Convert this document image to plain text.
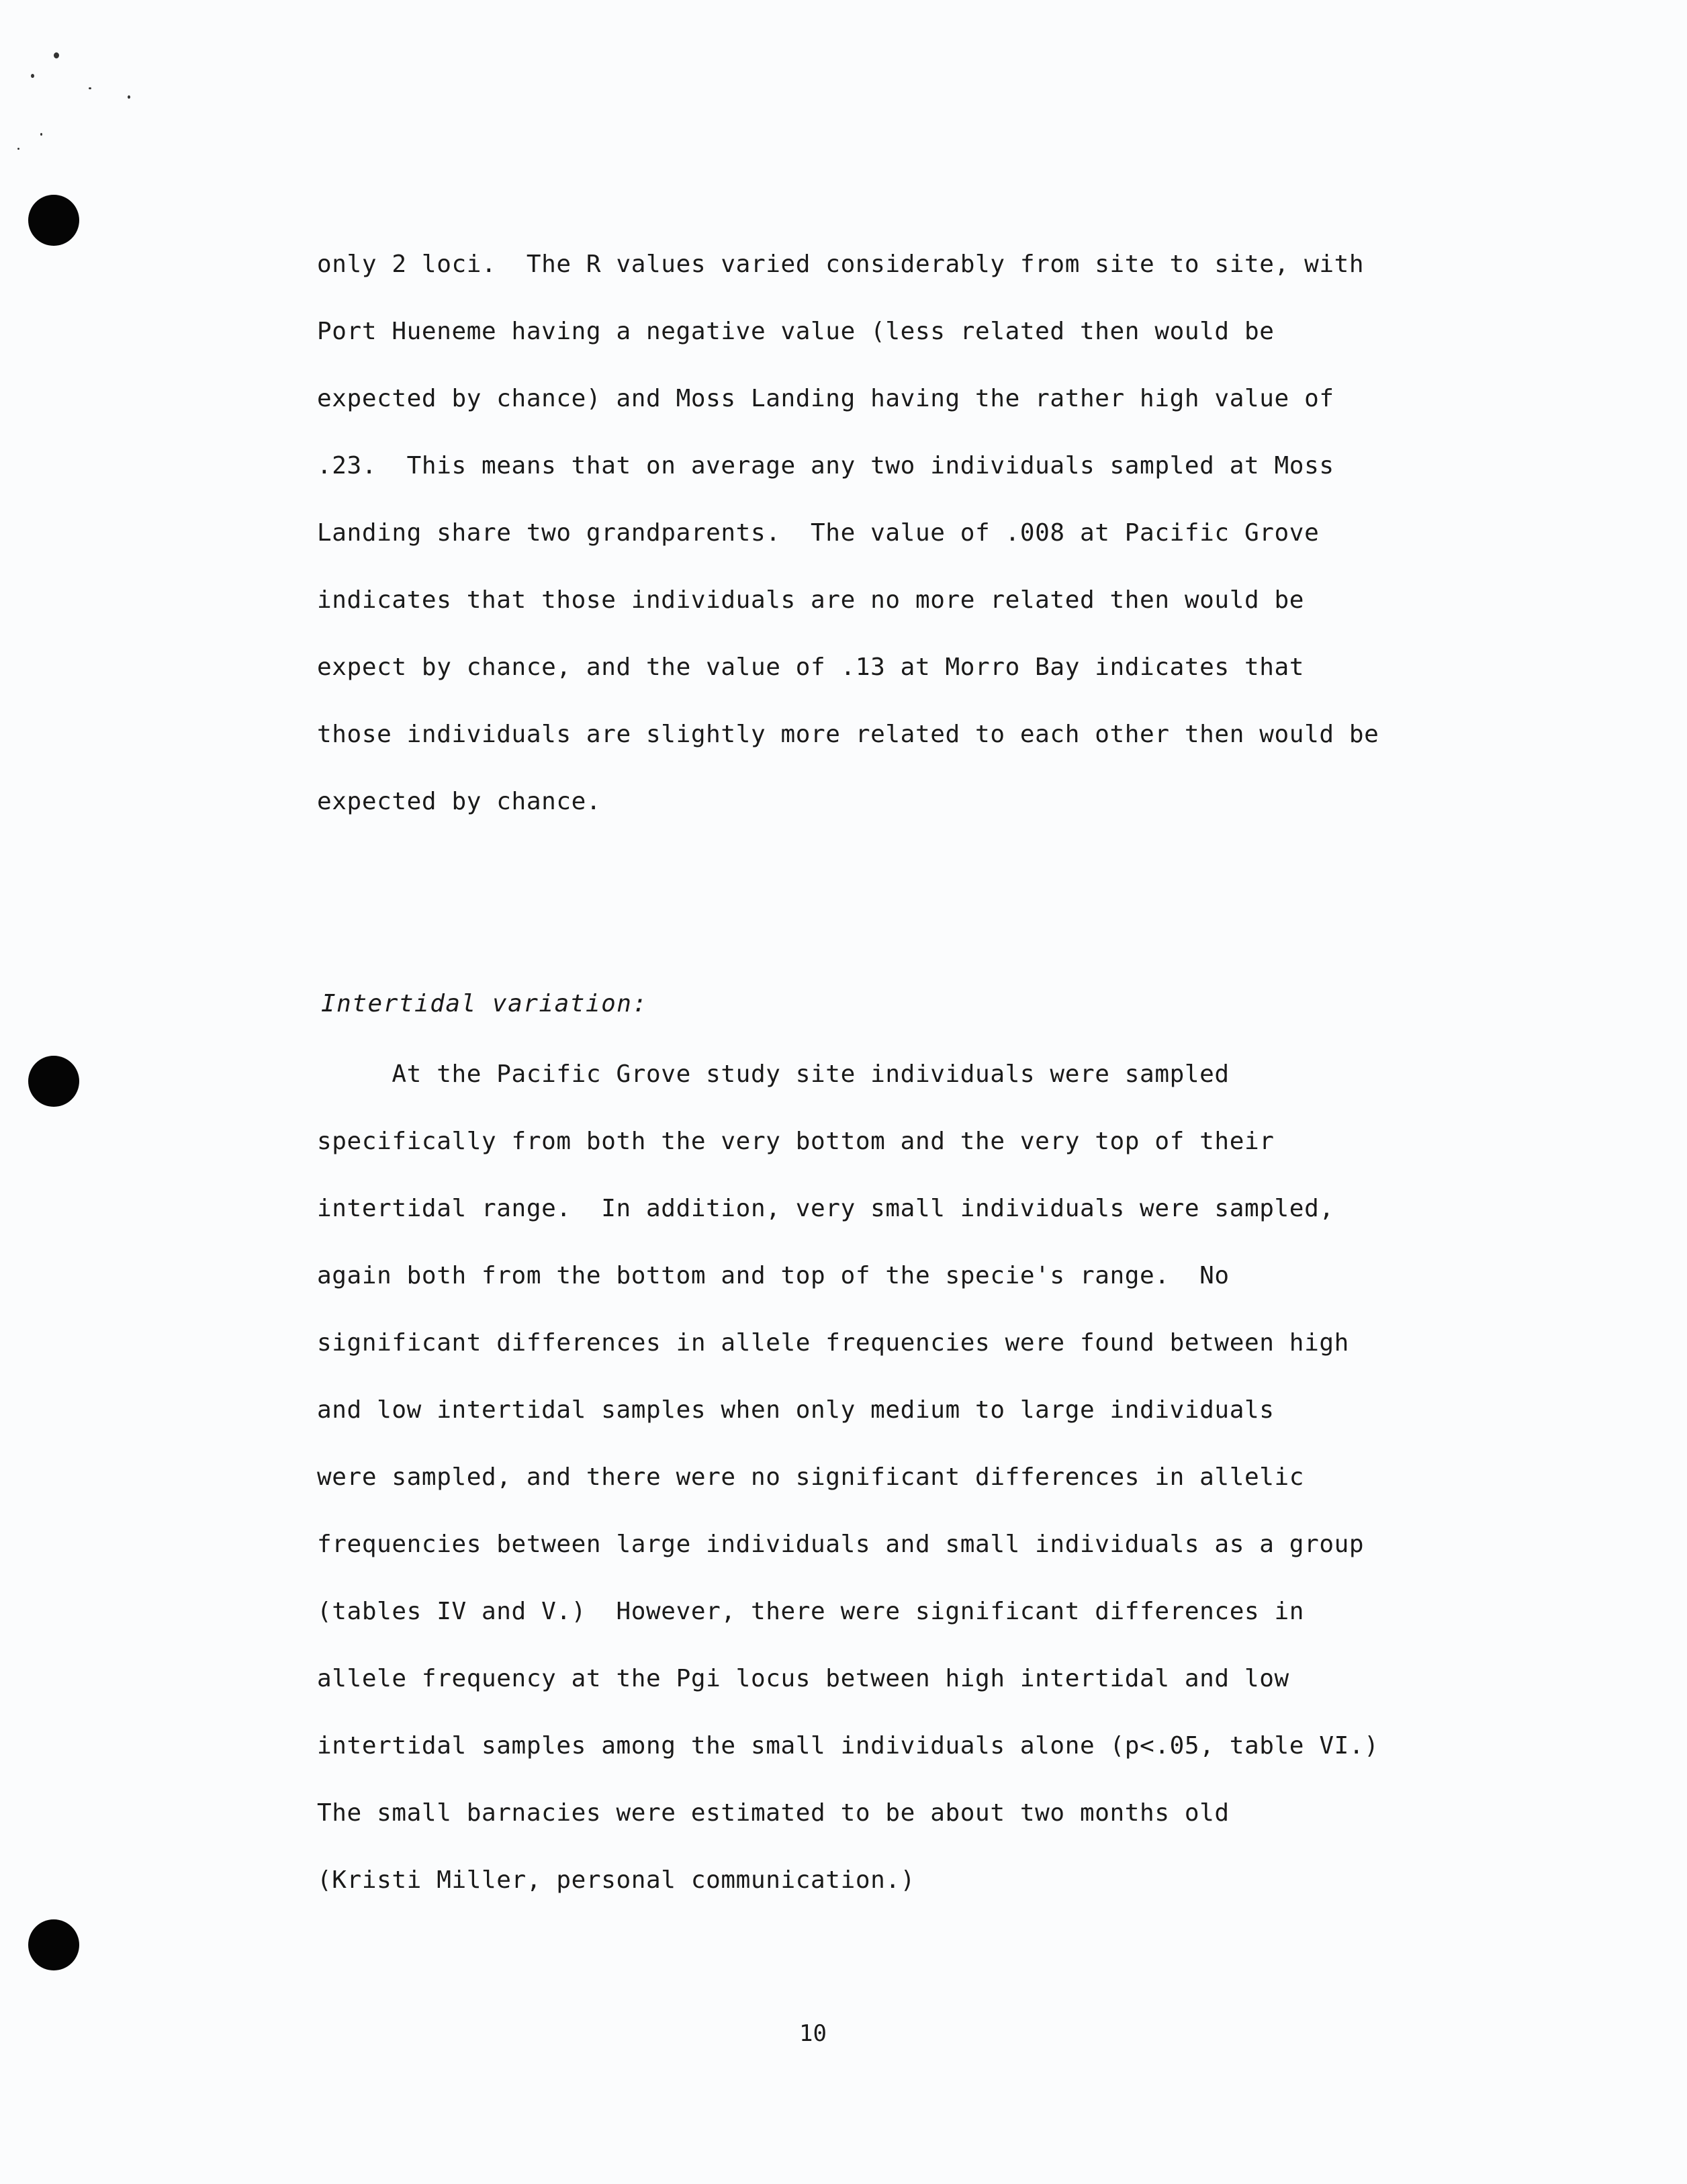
only 2 loci.  The R values varied considerably from site to site, with
Port Hueneme having a negative value (less related then would be
expected by chance) and Moss Landing having the rather high value of
.23.  This means that on average any two individuals sampled at Moss
Landing share two grandparents.  The value of .008 at Pacific Grove
indicates that those individuals are no more related then would be
expect by chance, and the value of .13 at Morro Bay indicates that
those individuals are slightly more related to each other then would be
expected by chance.
Intertidal variation:
At the Pacific Grove study site individuals were sampled
specifically from both the very bottom and the very top of their
intertidal range.  In addition, very small individuals were sampled,
again both from the bottom and top of the specie's range.  No
significant differences in allele frequencies were found between high
and low intertidal samples when only medium to large individuals
were sampled, and there were no significant differences in allelic
frequencies between large individuals and small individuals as a group
(tables IV and V.)  However, there were significant differences in
allele frequency at the Pgi locus between high intertidal and low
intertidal samples among the small individuals alone (p<.05, table VI.)
The small barnacies were estimated to be about two months old
(Kristi Miller, personal communication.)
10
